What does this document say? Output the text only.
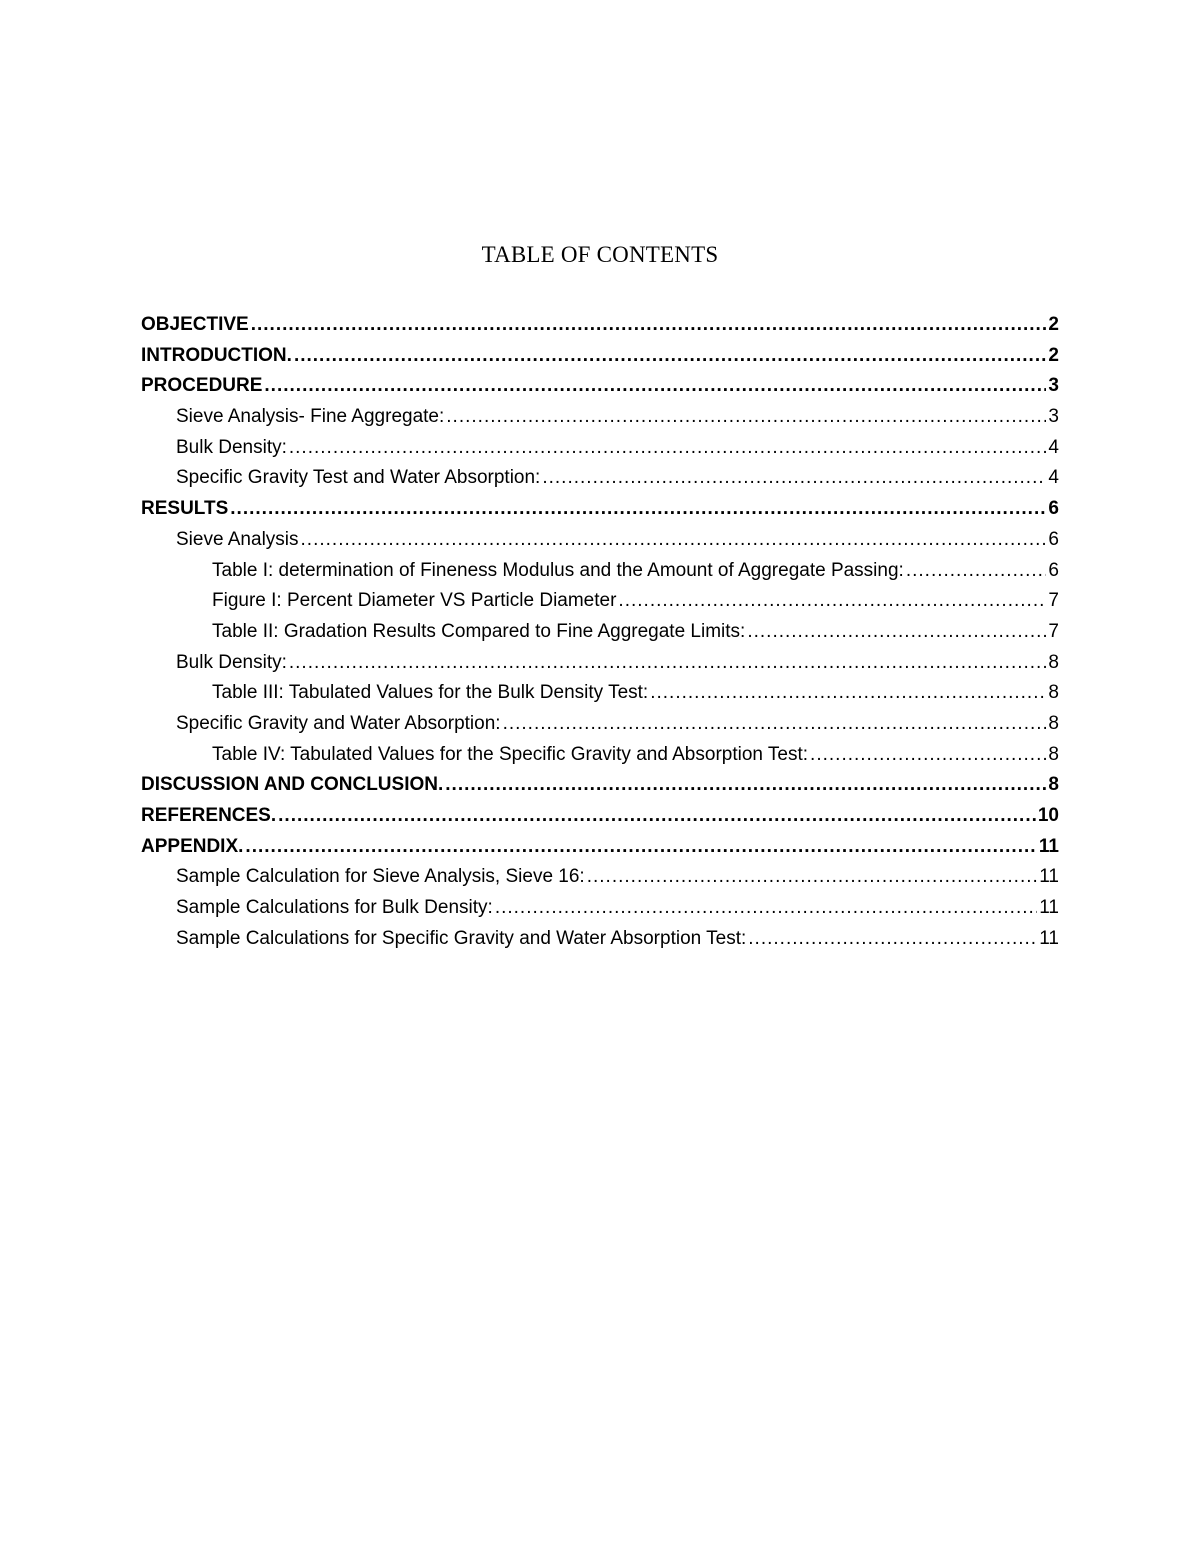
TABLE OF CONTENTS
OBJECTIVE .....	2
INTRODUCTION. .....	2
PROCEDURE .....	3
Sieve Analysis- Fine Aggregate: .....	3
Bulk Density: .....	4
Specific Gravity Test and Water Absorption: .....	4
RESULTS .....	6
Sieve Analysis .....	6
Table I: determination of Fineness Modulus and the Amount of Aggregate Passing: .....	6
Figure I: Percent Diameter VS Particle Diameter .....	7
Table II: Gradation Results Compared to Fine Aggregate Limits: .....	7
Bulk Density: .....	8
Table III: Tabulated Values for the Bulk Density Test: .....	8
Specific Gravity and Water Absorption: .....	8
Table IV: Tabulated Values for the Specific Gravity and Absorption Test: .....	8
DISCUSSION AND CONCLUSION. .....	8
REFERENCES. .....	10
APPENDIX. .....	11
Sample Calculation for Sieve Analysis, Sieve 16: .....	11
Sample Calculations for Bulk Density: .....	11
Sample Calculations for Specific Gravity and Water Absorption Test: .....	11
